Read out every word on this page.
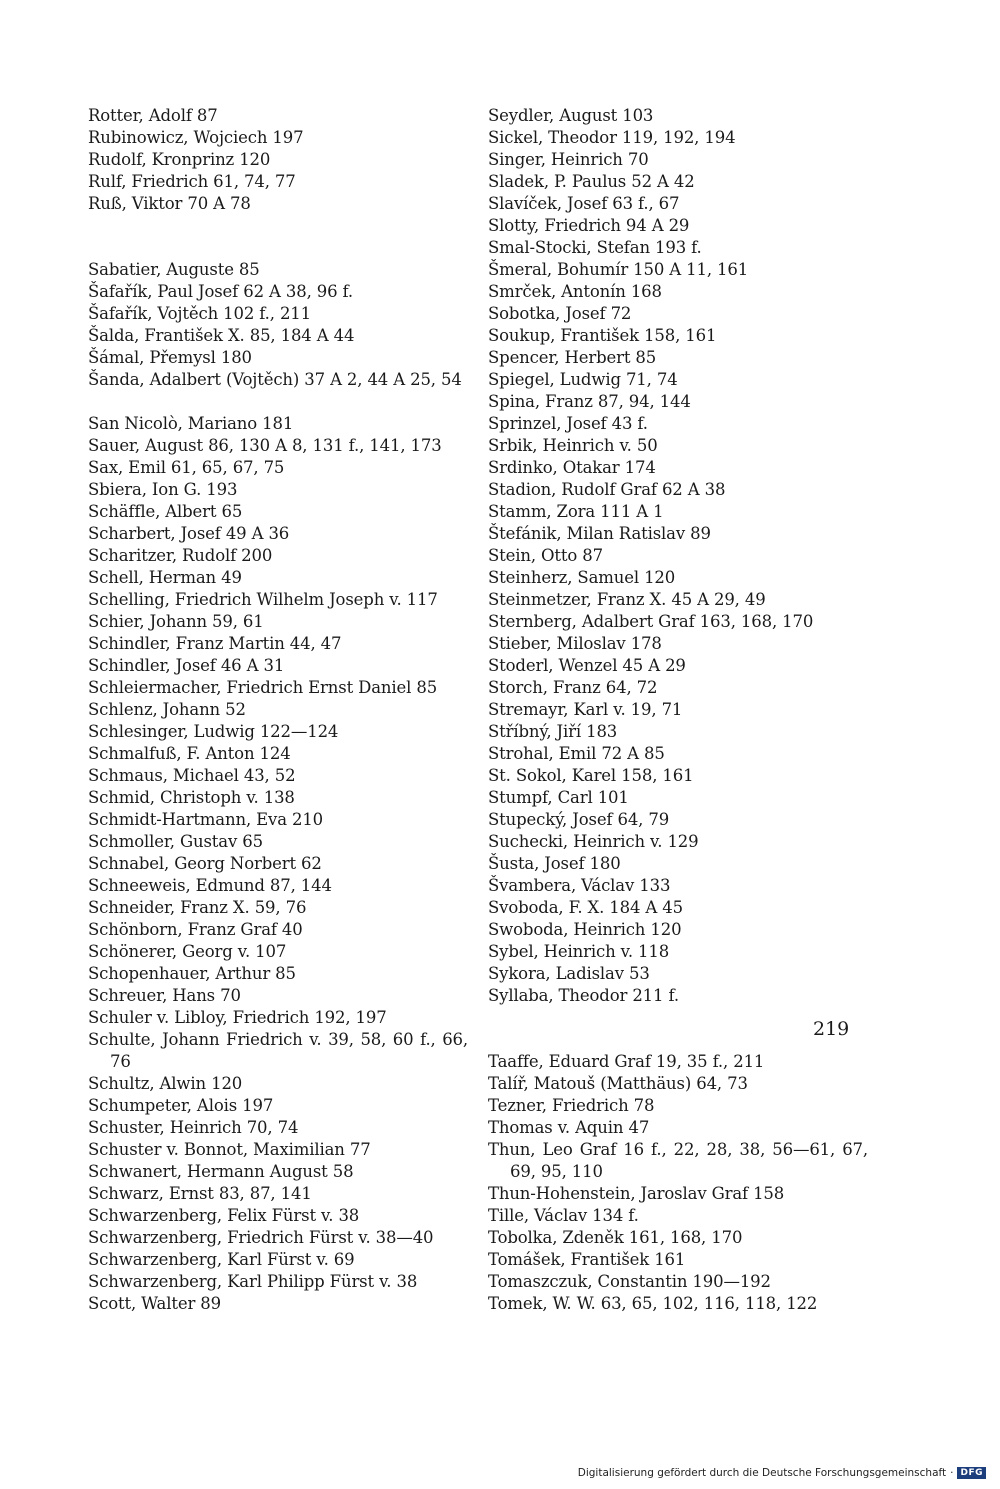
Rotter, Adolf 87
Rubinowicz, Wojciech 197
Rudolf, Kronprinz 120
Rulf, Friedrich 61, 74, 77
Ruß, Viktor 70 A 78
Sabatier, Auguste 85
Šafařík, Paul Josef 62 A 38, 96 f.
Šafařík, Vojtěch 102 f., 211
Šalda, František X. 85, 184 A 44
Šámal, Přemysl 180
Šanda, Adalbert (Vojtěch) 37 A 2, 44 A 25, 54
San Nicolò, Mariano 181
Sauer, August 86, 130 A 8, 131 f., 141, 173
Sax, Emil 61, 65, 67, 75
Sbiera, Ion G. 193
Schäffle, Albert 65
Scharbert, Josef 49 A 36
Scharitzer, Rudolf 200
Schell, Herman 49
Schelling, Friedrich Wilhelm Joseph v. 117
Schier, Johann 59, 61
Schindler, Franz Martin 44, 47
Schindler, Josef 46 A 31
Schleiermacher, Friedrich Ernst Daniel 85
Schlenz, Johann 52
Schlesinger, Ludwig 122—124
Schmalfuß, F. Anton 124
Schmaus, Michael 43, 52
Schmid, Christoph v. 138
Schmidt-Hartmann, Eva 210
Schmoller, Gustav 65
Schnabel, Georg Norbert 62
Schneeweis, Edmund 87, 144
Schneider, Franz X. 59, 76
Schönborn, Franz Graf 40
Schönerer, Georg v. 107
Schopenhauer, Arthur 85
Schreuer, Hans 70
Schuler v. Libloy, Friedrich 192, 197
Schulte, Johann Friedrich v. 39, 58, 60 f., 66, 76
Schultz, Alwin 120
Schumpeter, Alois 197
Schuster, Heinrich 70, 74
Schuster v. Bonnot, Maximilian 77
Schwanert, Hermann August 58
Schwarz, Ernst 83, 87, 141
Schwarzenberg, Felix Fürst v. 38
Schwarzenberg, Friedrich Fürst v. 38—40
Schwarzenberg, Karl Fürst v. 69
Schwarzenberg, Karl Philipp Fürst v. 38
Scott, Walter 89
Seydler, August 103
Sickel, Theodor 119, 192, 194
Singer, Heinrich 70
Sladek, P. Paulus 52 A 42
Slavíček, Josef 63 f., 67
Slotty, Friedrich 94 A 29
Smal-Stocki, Stefan 193 f.
Šmeral, Bohumír 150 A 11, 161
Smrček, Antonín 168
Sobotka, Josef 72
Soukup, František 158, 161
Spencer, Herbert 85
Spiegel, Ludwig 71, 74
Spina, Franz 87, 94, 144
Sprinzel, Josef 43 f.
Srbik, Heinrich v. 50
Srdinko, Otakar 174
Stadion, Rudolf Graf 62 A 38
Stamm, Zora 111 A 1
Štefánik, Milan Ratislav 89
Stein, Otto 87
Steinherz, Samuel 120
Steinmetzer, Franz X. 45 A 29, 49
Sternberg, Adalbert Graf 163, 168, 170
Stieber, Miloslav 178
Stoderl, Wenzel 45 A 29
Storch, Franz 64, 72
Stremayr, Karl v. 19, 71
Stříbný, Jiří 183
Strohal, Emil 72 A 85
St. Sokol, Karel 158, 161
Stumpf, Carl 101
Stupecký, Josef 64, 79
Suchecki, Heinrich v. 129
Šusta, Josef 180
Švambera, Václav 133
Svoboda, F. X. 184 A 45
Swoboda, Heinrich 120
Sybel, Heinrich v. 118
Sykora, Ladislav 53
Syllaba, Theodor 211 f.
Taaffe, Eduard Graf 19, 35 f., 211
Talíř, Matouš (Matthäus) 64, 73
Tezner, Friedrich 78
Thomas v. Aquin 47
Thun, Leo Graf 16 f., 22, 28, 38, 56—61, 67, 69, 95, 110
Thun-Hohenstein, Jaroslav Graf 158
Tille, Václav 134 f.
Tobolka, Zdeněk 161, 168, 170
Tomášek, František 161
Tomaszczuk, Constantin 190—192
Tomek, W. W. 63, 65, 102, 116, 118, 122
219
Digitalisierung gefördert durch die Deutsche Forschungsgemeinschaft · DFG
